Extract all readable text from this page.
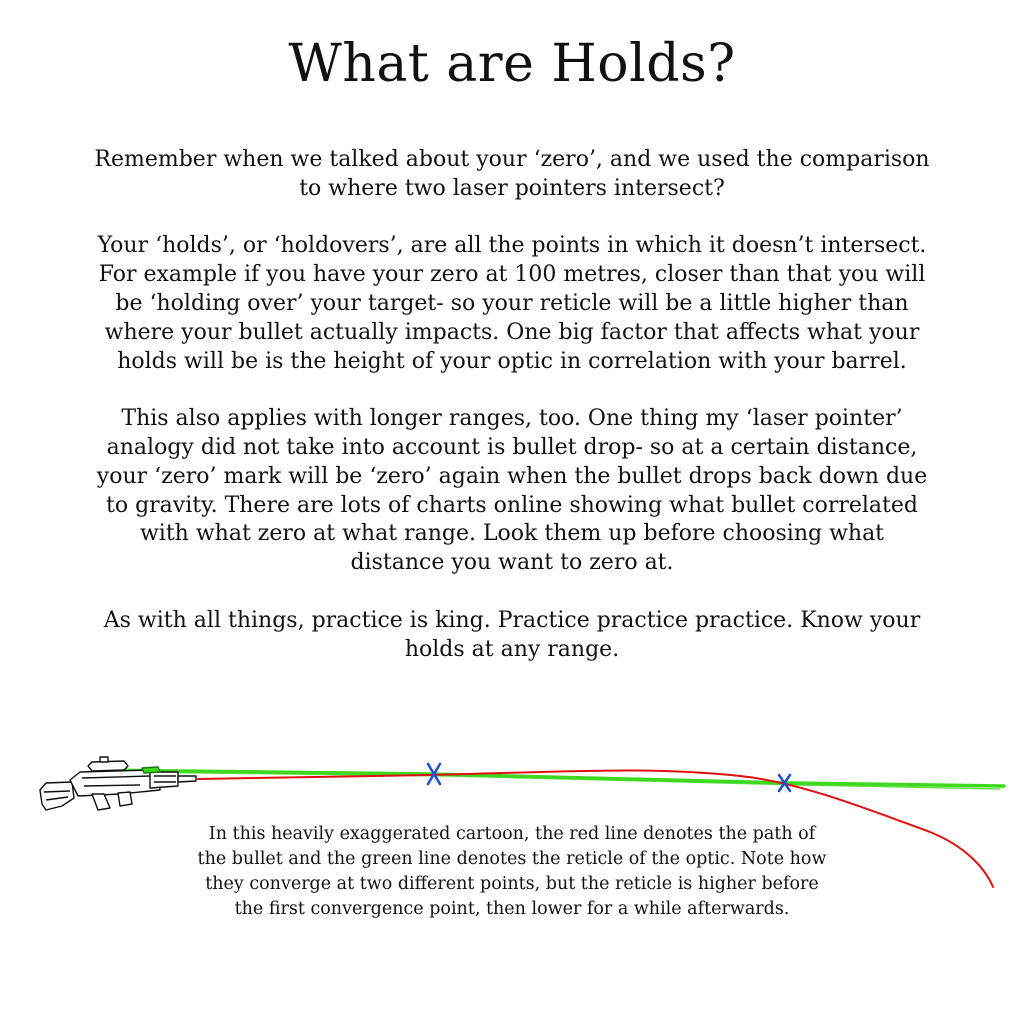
What are Holds?

Remember when we talked about your ‘zero’, and we used the comparison to where two laser pointers intersect?

Your ‘holds’, or ‘holdovers’, are all the points in which it doesn’t intersect. For example if you have your zero at 100 metres, closer than that you will be ‘holding over’ your target- so your reticle will be a little higher than where your bullet actually impacts. One big factor that affects what your holds will be is the height of your optic in correlation with your barrel.

This also applies with longer ranges, too. One thing my ‘laser pointer’ analogy did not take into account is bullet drop- so at a certain distance, your ‘zero’ mark will be ‘zero’ again when the bullet drops back down due to gravity. There are lots of charts online showing what bullet correlated with what zero at what range. Look them up before choosing what distance you want to zero at.

As with all things, practice is king. Practice practice practice. Know your holds at any range.

In this heavily exaggerated cartoon, the red line denotes the path of the bullet and the green line denotes the reticle of the optic. Note how they converge at two different points, but the reticle is higher before the first convergence point, then lower for a while afterwards.
